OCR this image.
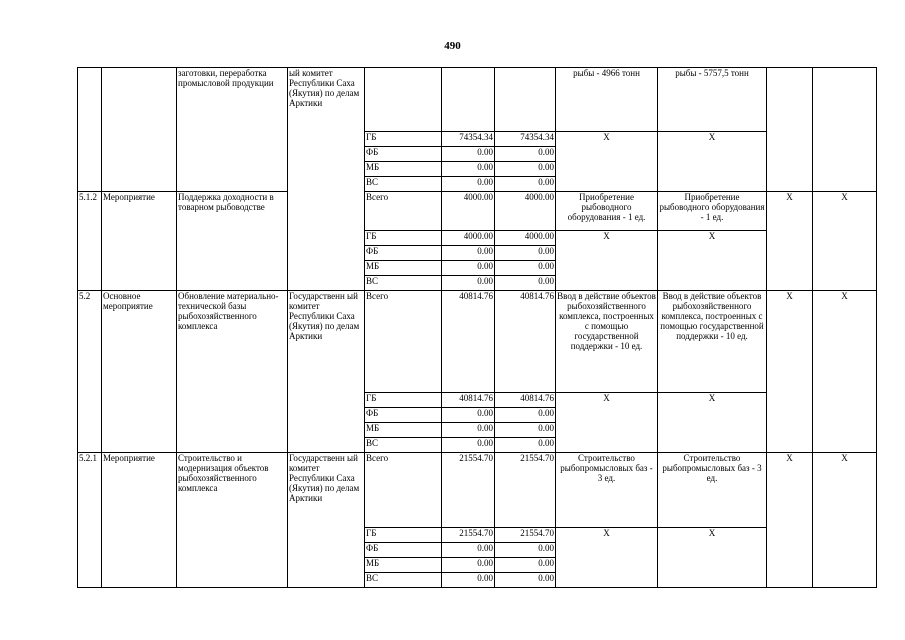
490
		заготовки, переработка промысловой продукции	ый комитет Республики Саха (Якутия) по делам Арктики				рыбы - 4966 тонн	рыбы - 5757,5 тонн		
				ГБ	74354.34	74354.34	Х	Х		
				ФБ	0.00	0.00				
				МБ	0.00	0.00				
				ВС	0.00	0.00				
5.1.2	Мероприятие	Поддержка доходности в товарном рыбоводстве		Всего	4000.00	4000.00	Приобретение рыбоводного оборудования - 1 ед.	Приобретение рыбоводного оборудования - 1 ед.	Х	Х
				ГБ	4000.00	4000.00	Х	Х		
				ФБ	0.00	0.00				
				МБ	0.00	0.00				
				ВС	0.00	0.00				
5.2	Основное мероприятие	Обновление материально-технической базы рыбохозяйственного комплекса	Государственн ый комитет Республики Саха (Якутия) по делам Арктики	Всего	40814.76	40814.76	Ввод в действие объектов рыбохозяйственного комплекса, построенных с помощью государственной поддержки - 10 ед.	Ввод в действие объектов рыбохозяйственного комплекса, построенных с помощью государственной поддержки - 10 ед.	Х	Х
				ГБ	40814.76	40814.76	Х	Х		
				ФБ	0.00	0.00				
				МБ	0.00	0.00				
				ВС	0.00	0.00				
5.2.1	Мероприятие	Строительство и модернизация объектов рыбохозяйственного комплекса	Государственн ый комитет Республики Саха (Якутия) по делам Арктики	Всего	21554.70	21554.70	Строительство рыбопромысловых баз - 3 ед.	Строительство рыбопромысловых баз - 3 ед.	Х	Х
				ГБ	21554.70	21554.70	Х	Х		
				ФБ	0.00	0.00				
				МБ	0.00	0.00				
				ВС	0.00	0.00				
